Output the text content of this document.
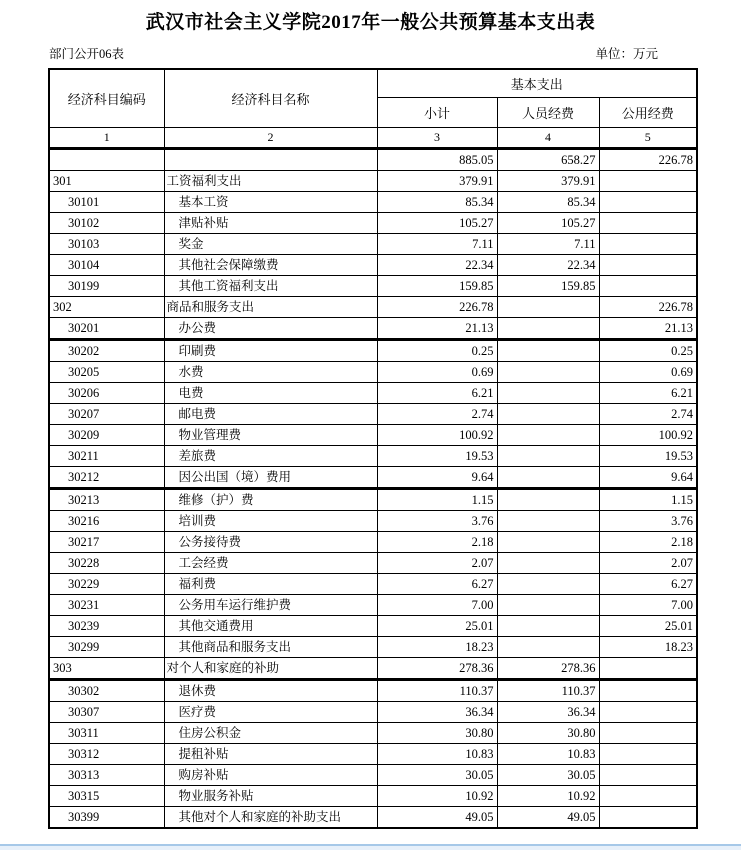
武汉市社会主义学院2017年一般公共预算基本支出表
部门公开06表	单位：万元
经济科目编码	经济科目名称	基本支出		
		小计	人员经费	公用经费
1	2	3	4	5
		885.05	658.27	226.78
301	工资福利支出	379.91	379.91	
30101	基本工资	85.34	85.34	
30102	津贴补贴	105.27	105.27	
30103	奖金	7.11	7.11	
30104	其他社会保障缴费	22.34	22.34	
30199	其他工资福利支出	159.85	159.85	
302	商品和服务支出	226.78		226.78
30201	办公费	21.13		21.13
30202	印刷费	0.25		0.25
30205	水费	0.69		0.69
30206	电费	6.21		6.21
30207	邮电费	2.74		2.74
30209	物业管理费	100.92		100.92
30211	差旅费	19.53		19.53
30212	因公出国（境）费用	9.64		9.64
30213	维修（护）费	1.15		1.15
30216	培训费	3.76		3.76
30217	公务接待费	2.18		2.18
30228	工会经费	2.07		2.07
30229	福利费	6.27		6.27
30231	公务用车运行维护费	7.00		7.00
30239	其他交通费用	25.01		25.01
30299	其他商品和服务支出	18.23		18.23
303	对个人和家庭的补助	278.36	278.36	
30302	退休费	110.37	110.37	
30307	医疗费	36.34	36.34	
30311	住房公积金	30.80	30.80	
30312	提租补贴	10.83	10.83	
30313	购房补贴	30.05	30.05	
30315	物业服务补贴	10.92	10.92	
30399	其他对个人和家庭的补助支出	49.05	49.05	
